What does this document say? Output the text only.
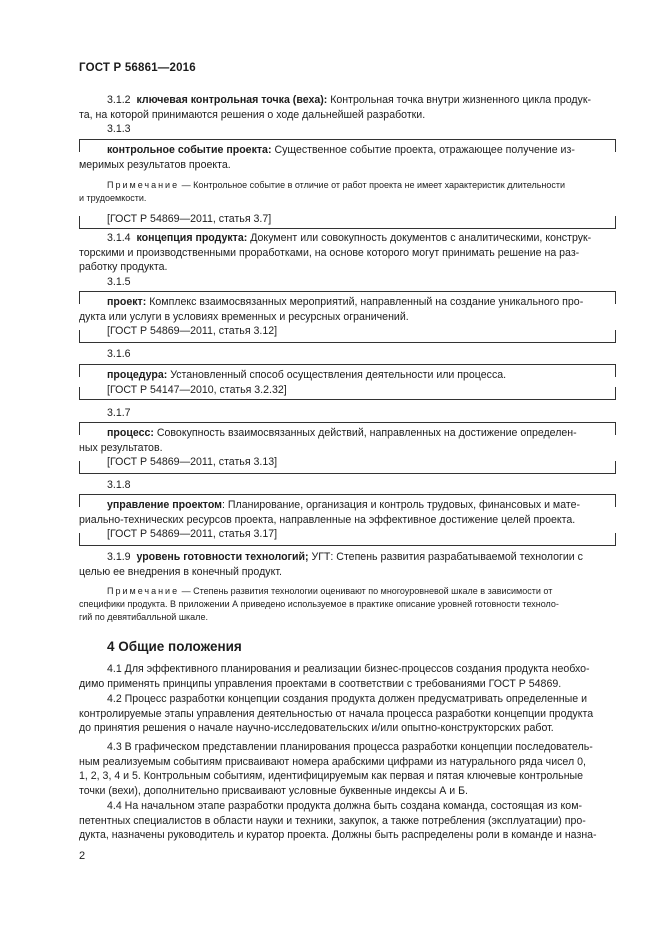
ГОСТ Р 56861—2016
3.1.2 ключевая контрольная точка (веха): Контрольная точка внутри жизненного цикла продук-
та, на которой принимаются решения о ходе дальнейшей разработки.
3.1.3
контрольное событие проекта: Существенное событие проекта, отражающее получение из-
меримых результатов проекта.
Примечание — Контрольное событие в отличие от работ проекта не имеет характеристик длительности
и трудоемкости.
[ГОСТ Р 54869—2011, статья 3.7]
3.1.4 концепция продукта: Документ или совокупность документов с аналитическими, конструк-
торскими и производственными проработками, на основе которого могут принимать решение на раз-
работку продукта.
3.1.5
проект: Комплекс взаимосвязанных мероприятий, направленный на создание уникального про-
дукта или услуги в условиях временных и ресурсных ограничений.
[ГОСТ Р 54869—2011, статья 3.12]
3.1.6
процедура: Установленный способ осуществления деятельности или процесса.
[ГОСТ Р 54147—2010, статья 3.2.32]
3.1.7
процесс: Совокупность взаимосвязанных действий, направленных на достижение определен-
ных результатов.
[ГОСТ Р 54869—2011, статья 3.13]
3.1.8
управление проектом: Планирование, организация и контроль трудовых, финансовых и мате-
риально-технических ресурсов проекта, направленные на эффективное достижение целей проекта.
[ГОСТ Р 54869—2011, статья 3.17]
3.1.9 уровень готовности технологий; УГТ: Степень развития разрабатываемой технологии с
целью ее внедрения в конечный продукт.
Примечание — Степень развития технологии оценивают по многоуровневой шкале в зависимости от
специфики продукта. В приложении А приведено используемое в практике описание уровней готовности техноло-
гий по девятибалльной шкале.
4 Общие положения
4.1 Для эффективного планирования и реализации бизнес-процессов создания продукта необхо-
димо применять принципы управления проектами в соответствии с требованиями ГОСТ Р 54869.
4.2 Процесс разработки концепции создания продукта должен предусматривать определенные и
контролируемые этапы управления деятельностью от начала процесса разработки концепции продукта
до принятия решения о начале научно-исследовательских и/или опытно-конструкторских работ.
4.3 В графическом представлении планирования процесса разработки концепции последователь-
ным реализуемым событиям присваивают номера арабскими цифрами из натурального ряда чисел 0,
1, 2, 3, 4 и 5. Контрольным событиям, идентифицируемым как первая и пятая ключевые контрольные
точки (вехи), дополнительно присваивают условные буквенные индексы А и Б.
4.4 На начальном этапе разработки продукта должна быть создана команда, состоящая из ком-
петентных специалистов в области науки и техники, закупок, а также потребления (эксплуатации) про-
дукта, назначены руководитель и куратор проекта. Должны быть распределены роли в команде и назна-
2
